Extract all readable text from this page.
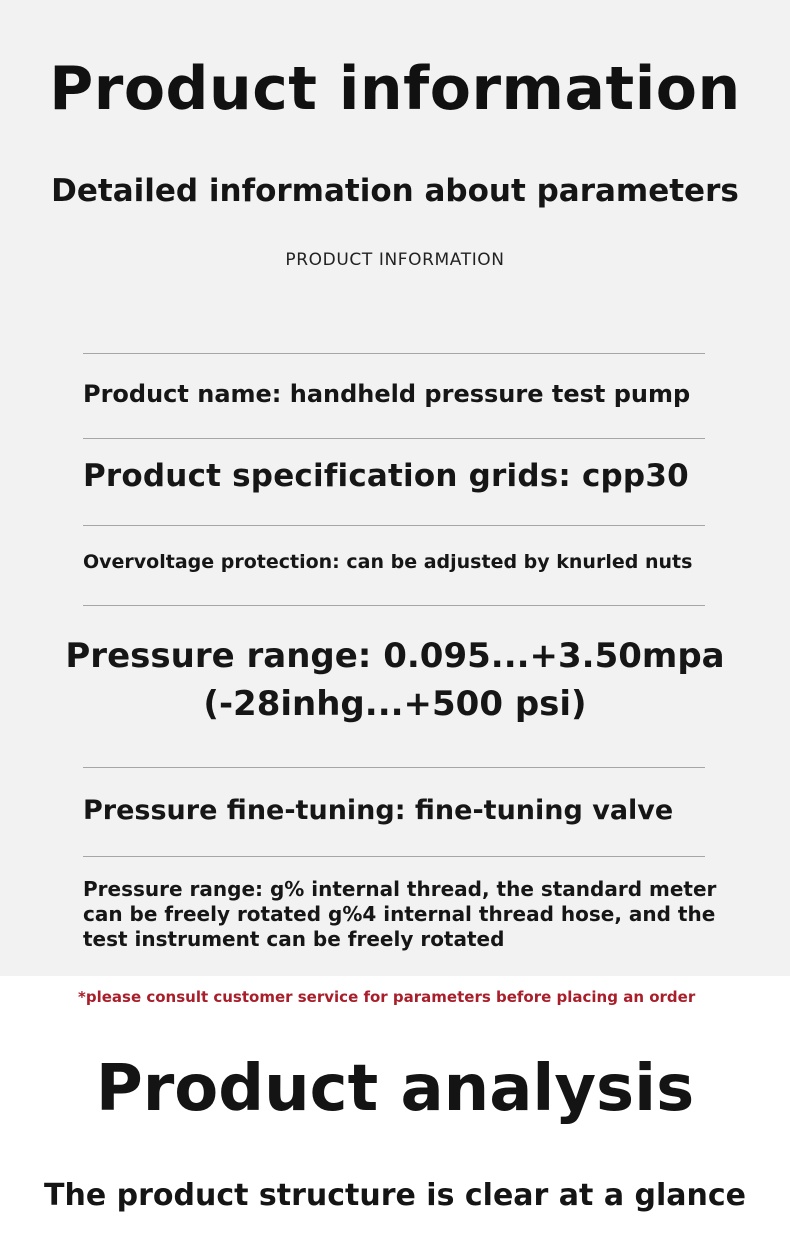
Product information
Detailed information about parameters
PRODUCT INFORMATION
Product name: handheld pressure test pump
Product specification grids: cpp30
Overvoltage protection: can be adjusted by knurled nuts
Pressure range: 0.095...+3.50mpa
(-28inhg...+500 psi)
Pressure fine-tuning: fine-tuning valve
Pressure range: g% internal thread, the standard meter can be freely rotated g%4 internal thread hose, and the test instrument can be freely rotated
*please consult customer service for parameters before placing an order
Product analysis
The product structure is clear at a glance
